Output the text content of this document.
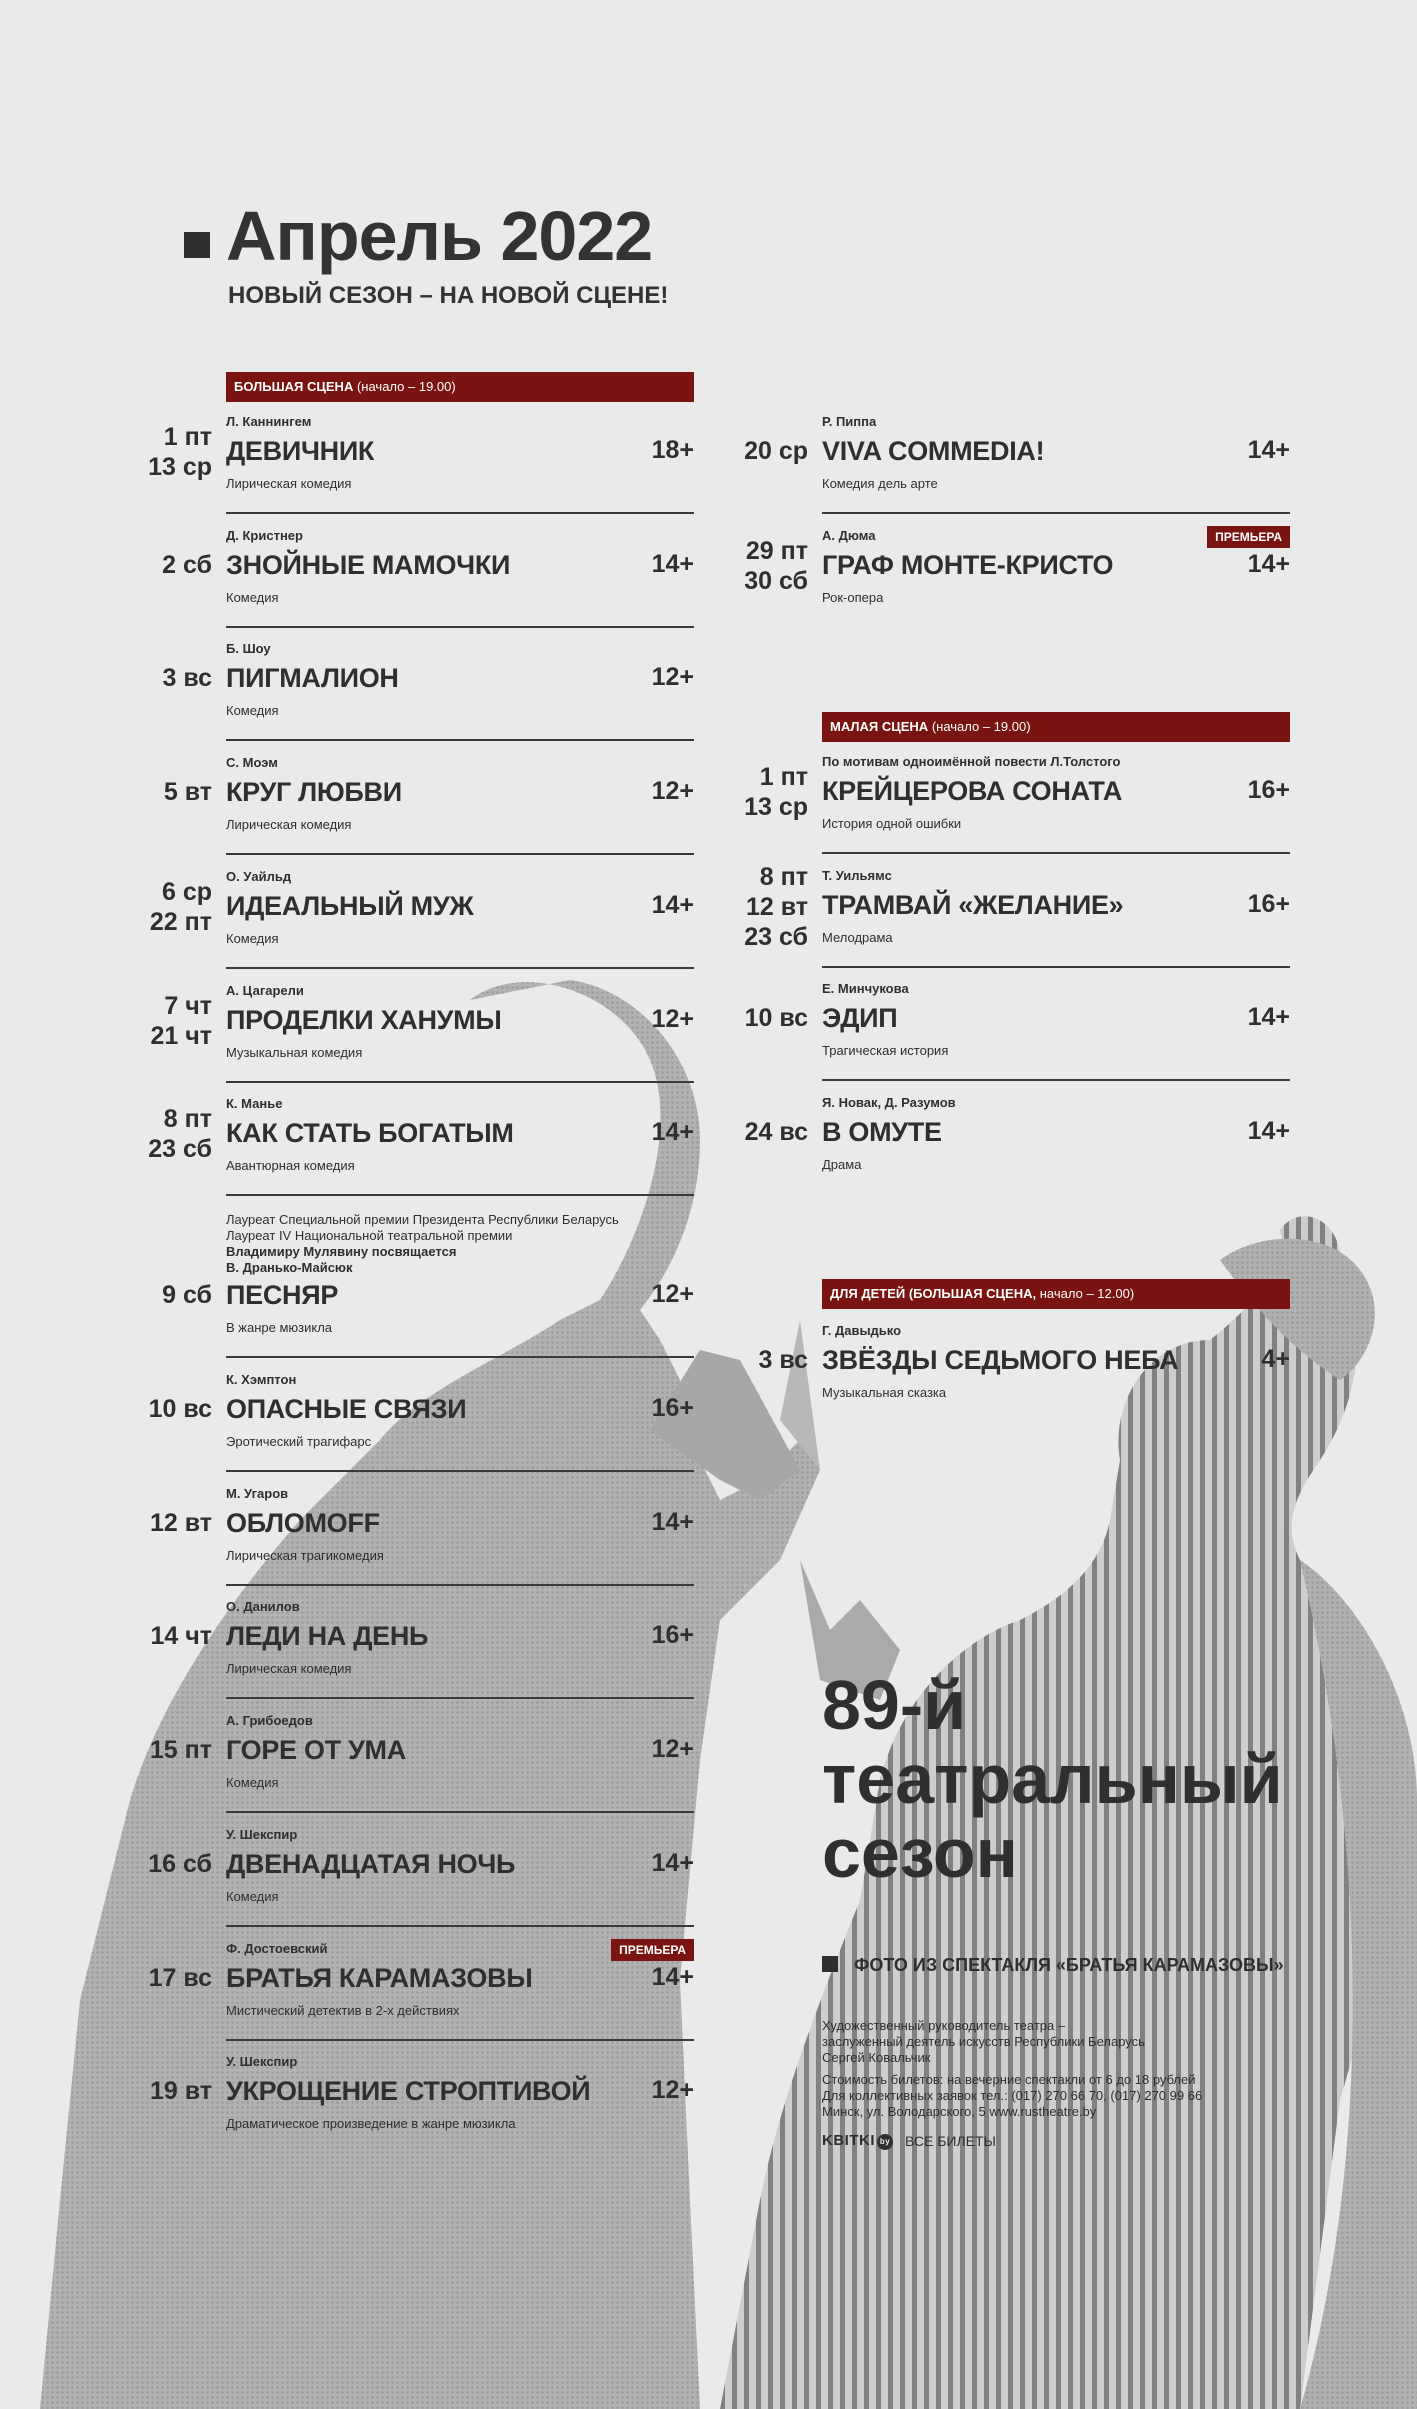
Апрель 2022
НОВЫЙ СЕЗОН – НА НОВОЙ СЦЕНЕ!
БОЛЬШАЯ СЦЕНА (начало – 19.00)
МАЛАЯ СЦЕНА (начало – 19.00)
ДЛЯ ДЕТЕЙ (БОЛЬШАЯ СЦЕНА, начало – 12.00)
1 пт
13 ср
Л. Каннингем
ДЕВИЧНИК	18+
Лирическая комедия
2 сб
Д. Кристнер
ЗНОЙНЫЕ МАМОЧКИ	14+
Комедия
3 вс
Б. Шоу
ПИГМАЛИОН	12+
Комедия
5 вт
С. Моэм
КРУГ ЛЮБВИ	12+
Лирическая комедия
6 ср
22 пт
О. Уайльд
ИДЕАЛЬНЫЙ МУЖ	14+
Комедия
7 чт
21 чт
А. Цагарели
ПРОДЕЛКИ ХАНУМЫ	12+
Музыкальная комедия
8 пт
23 сб
К. Манье
КАК СТАТЬ БОГАТЫМ	14+
Авантюрная комедия
9 сб
Лауреат Специальной премии Президента Республики Беларусь
Лауреат IV Национальной театральной премии
Владимиру Мулявину посвящается
В. Дранько-Майсюк
ПЕСНЯР	12+
В жанре мюзикла
10 вс
К. Хэмптон
ОПАСНЫЕ СВЯЗИ	16+
Эротический трагифарс
12 вт
М. Угаров
ОБЛОМOFF	14+
Лирическая трагикомедия
14 чт
О. Данилов
ЛЕДИ НА ДЕНЬ	16+
Лирическая комедия
15 пт
А. Грибоедов
ГОРЕ ОТ УМА	12+
Комедия
16 сб
У. Шекспир
ДВЕНАДЦАТАЯ НОЧЬ	14+
Комедия
17 вс
Ф. Достоевский	ПРЕМЬЕРА
БРАТЬЯ КАРАМАЗОВЫ	14+
Мистический детектив в 2-х действиях
19 вт
У. Шекспир
УКРОЩЕНИЕ СТРОПТИВОЙ 12+
Драматическое произведение в жанре мюзикла
20 ср
Р. Пиппа
VIVA COMMEDIA!	14+
Комедия дель арте
29 пт
30 сб
А. Дюма	ПРЕМЬЕРА
ГРАФ МОНТЕ-КРИСТО	14+
Рок-опера
1 пт
13 ср
По мотивам одноимённой повести Л.Толстого
КРЕЙЦЕРОВА СОНАТА	16+
История одной ошибки
8 пт
12 вт
23 сб
Т. Уильямс
ТРАМВАЙ «ЖЕЛАНИЕ»	16+
Мелодрама
10 вс
Е. Минчукова
ЭДИП	14+
Трагическая история
24 вс
Я. Новак, Д. Разумов
В ОМУТЕ	14+
Драма
3 вс
Г. Давыдько
ЗВЁЗДЫ СЕДЬМОГО НЕБА	4+
Музыкальная сказка
89-й
театральный
сезон
ФОТО ИЗ СПЕКТАКЛЯ «БРАТЬЯ КАРАМАЗОВЫ»

Художественный руководитель театра –
заслуженный деятель искусств Республики Беларусь
Сергей Ковальчик

Стоимость билетов: на вечерние спектакли от 6 до 18 рублей
Для коллективных заявок тел.: (017) 270 66 70, (017) 270 99 66
Минск, ул. Володарского, 5 www.rustheatre.by

KBITKI by ВСЕ БИЛЕТЫ
